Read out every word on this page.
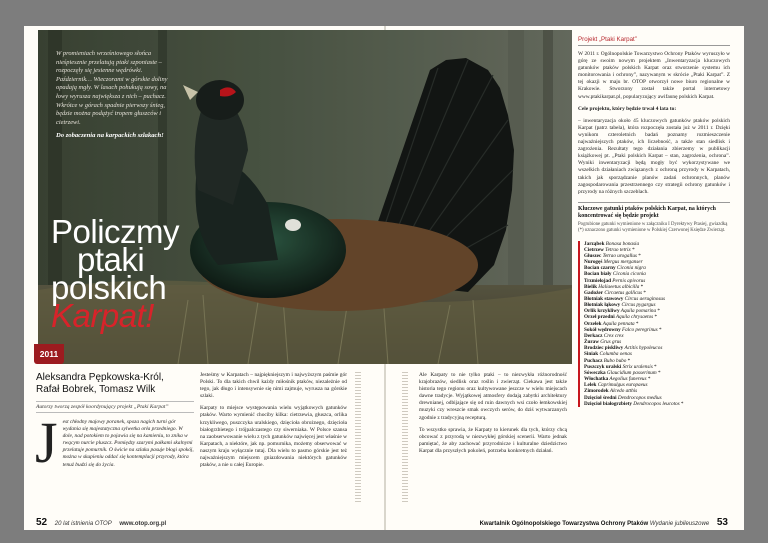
W promieniach wrześniowego słońca nieśpiesznie przelatują ptaki szponiaste – rozpoczęły się jesienne wędrówki. Październik… Wieczorami w górskie doliny opadają mgły. W lasach pohukują sowy, na łowy wyrusza największa z nich – puchacz. Wkrótce w górach spadnie pierwszy śnieg, będzie można podążyć tropem głuszców i cietrzewi.
Do zobaczenia na karpackich szlakach!
Policzmy
ptaki
polskich
Karpat!
2011
Aleksandra Pępkowska-Król,
Rafał Bobrek, Tomasz Wilk
Autorzy tworzą zespół koordynujący projekt „Ptaki Karpat”
J est chłodny majowy poranek, spoza nagich turni gór wydania się majestatyczna sylwetka orła przedniego. W dole, nad potokiem to pojawia się na kamieniu, to znika w rwącym nurcie pluszcz. Pomiędzy szarymi pałkami skalnymi przelatuje pomurnik. O świcie na szlaku pasuje błogi spokój, można w skupieniu oddać się kontemplacji przyrody, która tenuż budzi się do życia.

Jesteśmy w Karpatach – najpiękniejszym i najwyższym paśmie gór Polski. To dla takich chwil każdy miłośnik ptaków, niezależnie od tego, jak długo i intensywnie się nimi zajmuje, wyrusza na górskie szlaki.

Karpaty to miejsce występowania wielu wyjątkowych gatunków ptaków. Warto wymienić chociby kilka: cietrzewia, głuszca, orlika krzykliwego, puszczyka uralskiego, dzięcioła obrożnego, dzięcioła białogrzbietego i trójpalczastego czy siwerniaka. W Polsce szansa na zaobserwowanie wielu z tych gatunków najwięcej jest właśnie w Karpatach, a niektóre, jak np. pomurnika, możemy obserwować w naszym kraju wyłącznie tutaj. Dla wielu to pasmo górskie jest też najważniejszym miejscem gniazdowania niektórych gatunków ptaków, a nie u całej Europie.

Ale Karpaty to nie tylko ptaki – to niezwykła różnorodność krajobrazów, siedlisk oraz roślin i zwierząt. Ciekawa jest także historia tego regionu oraz kultywowane jeszcze w wielu miejscach dawne tradycje. Wyjątkowej atmosfery dodają zabytki architektury drewnianej, odbijające się od ruin dawnych wsi czoło łemkowskiej muzyki czy wreszcie smak owczych serów, do dziś wytwarzanych zgodnie z tradycyjną recepturą.

To wszystko sprawia, że Karpaty to kierunek dla tych, którzy chcą obcować z przyrodą w niezwykłej górskiej scenerii. Warto jednak pamiętać, że aby zachować przyrodnicze i kulturalne dziedzictwo Karpat dla przyszłych pokoleń, potrzeba konkretnych działań.

52 20 lat istnienia OTOP www.otop.org.pl	Kwartalnik Ogólnopolskiego Towarzystwa Ochrony Ptaków Wydanie jubileuszowe 53
Projekt „Ptaki Karpat”

W 2011 r. Ogólnopolskie Towarzystwo Ochrony Ptaków wyruszyło w górę ze swoim nowym projektem „Inwentaryzacja kluczowych gatunków ptaków polskich Karpat oraz stworzenie systemu ich monitorowania i ochrony”, nazywanym w skrócie „Ptaki Karpat”. Z tej okazji w maju br. OTOP otworzył nowe biuro regionalne w Krakowie. Stworzony został także portal internetowy www.ptakikarpat.pl, popularyzujący awifaunę polskich Karpat.

Cele projektu, który będzie trwał 4 lata to:

– inwentaryzacja około 45 kluczowych gatunków ptaków polskich Karpat (patrz tabela), która rozpoczęła została już w 2011 r. Dzięki wynikom czteroletnich badań poznamy rozmieszczenie najważniejszych ptaków, ich liczebność, a także stan siedlisk i zagrożenia. Rezultaty tego działania zbierzemy w publikacji książkowej pt. „Ptaki polskich Karpat – stan, zagrożenia, ochrona”. Wyniki inwentaryzacji będą mogły być wykorzystywane we wszelkich działaniach związanych z ochroną przyrody w Karpatach, takich jak sporządzanie planów zadań ochronnych, planów zagospodarowania przestrzennego czy strategii ochrony gatunków i przyrody na różnych szczeblach.

Kluczowe gatunki ptaków polskich Karpat, na których koncentrować się będzie projekt
Pogrubione gatunki wymienione w załączniku I Dyrektywy Ptasiej, gwiazdką (*) oznaczono gatunki wymienione w Polskiej Czerwonej Księdze Zwierząt.
Jarząbek Bonasa bonasia
Cietrzew Tetrao tetrix *
Głuszec Tetrao urogallus *
Nurogęś Mergus merganser
Bocian czarny Ciconia nigra
Bocian biały Ciconia ciconia
Trzmielojad Pernis apivorus
Bielik Haliaeetus albicilla *
Gadożer Circaetus gallicus *
Błotniak stawowy Circus aeruginosus
Błotniak łąkowy Circus pygargus
Orlik krzykliwy Aquila pomarina *
Orzeł przedni Aquila chrysaetos *
Orzełek Aquila pennata *
Sokół wędrowny Falco peregrinus *
Derkacz Crex crex
Żuraw Grus grus
Brodziec piskliwy Actitis hypoleucos
Siniak Columba oenas
Puchacz Bubo bubo *
Puszczyk uralski Strix uralensis *
Sóweczka Glaucidium passerinum *
Włochatka Aegolius funereus *
Lelek Caprimulgus europaeus
Zimorodek Alcedo atthis
Dzięcioł średni Dendrocopos medius
Dzięcioł białogrzbiety Dendrocopos leucotos *
